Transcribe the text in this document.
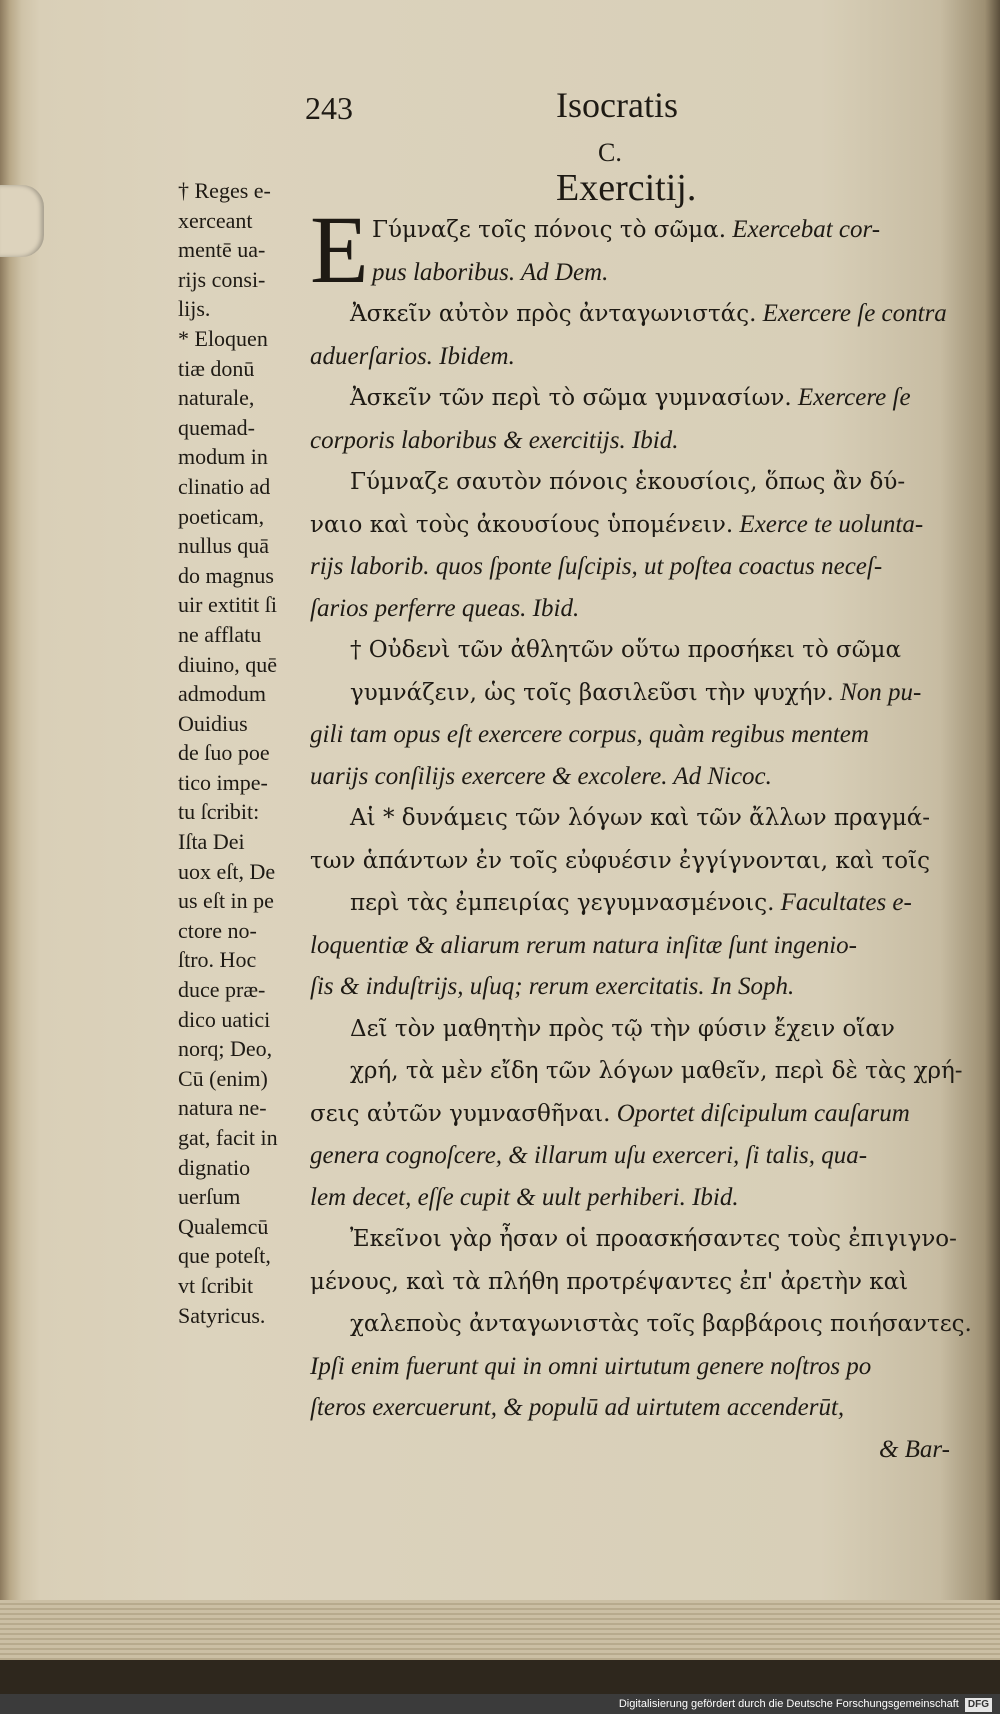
243	Isocratis
C.
Exercitij.
† Reges e-
xerceant
mentē ua-
rijs consi-
lijs.
* Eloquen
tiæ donū
naturale,
quemad-
modum in
clinatio ad
poeticam,
nullus quā
do magnus
uir extitit ſi
ne afflatu
diuino, quē
admodum
Ouidius
de ſuo poe
tico impe-
tu ſcribit:
Iſta Dei
uox eſt, De
us eſt in pe
ctore no-
ſtro. Hoc
duce præ-
dico uatici
norq; Deo,
Cū (enim)
natura ne-
gat, facit in
dignatio
uerſum
Qualemcū
que poteſt,
vt ſcribit
Satyricus.
E Γύμναζε τοῖς πόνοις τὸ σῶμα. Exercebat cor-
pus laboribus. Ad Dem.
Ἀσκεῖν αὐτὸν πρὸς ἀνταγωνιστάς. Exercere ſe contra
aduerſarios. Ibidem.
Ἀσκεῖν τῶν περὶ τὸ σῶμα γυμνασίων. Exercere ſe
corporis laboribus & exercitijs. Ibid.
Γύμναζε σαυτὸν πόνοις ἑκουσίοις, ὅπως ἂν δύ-
ναιο καὶ τοὺς ἀκουσίους ὑπομένειν. Exerce te uolunta-
rijs laborib. quos ſponte ſuſcipis, ut poſtea coactus neceſ-
ſarios perferre queas. Ibid.
† Οὐδενὶ τῶν ἀθλητῶν οὕτω προσήκει τὸ σῶμα
γυμνάζειν, ὡς τοῖς βασιλεῦσι τὴν ψυχήν. Non pu-
gili tam opus eſt exercere corpus, quàm regibus mentem
uarijs conſilijs exercere & excolere. Ad Nicoc.
Αἱ * δυνάμεις τῶν λόγων καὶ τῶν ἄλλων πραγμά-
των ἁπάντων ἐν τοῖς εὐφυέσιν ἐγγίγνονται, καὶ τοῖς
περὶ τὰς ἐμπειρίας γεγυμνασμένοις. Facultates e-
loquentiæ & aliarum rerum natura inſitæ ſunt ingenio-
ſis & induſtrijs, uſuq; rerum exercitatis. In Soph.
Δεῖ τὸν μαθητὴν πρὸς τῷ τὴν φύσιν ἔχειν οἵαν
χρή, τὰ μὲν εἴδη τῶν λόγων μαθεῖν, περὶ δὲ τὰς χρή-
σεις αὐτῶν γυμνασθῆναι. Oportet diſcipulum cauſarum
genera cognoſcere, & illarum uſu exerceri, ſi talis, qua-
lem decet, eſſe cupit & uult perhiberi. Ibid.
Ἐκεῖνοι γὰρ ἦσαν οἱ προασκήσαντες τοὺς ἐπιγιγνο-
μένους, καὶ τὰ πλήθη προτρέψαντες ἐπ' ἀρετὴν καὶ
χαλεποὺς ἀνταγωνιστὰς τοῖς βαρβάροις ποιήσαντες.
Ipſi enim fuerunt qui in omni uirtutum genere noſtros po
ſteros exercuerunt, & populū ad uirtutem accenderūt,
& Bar-
Digitalisierung gefördert durch die Deutsche Forschungsgemeinschaft DFG
